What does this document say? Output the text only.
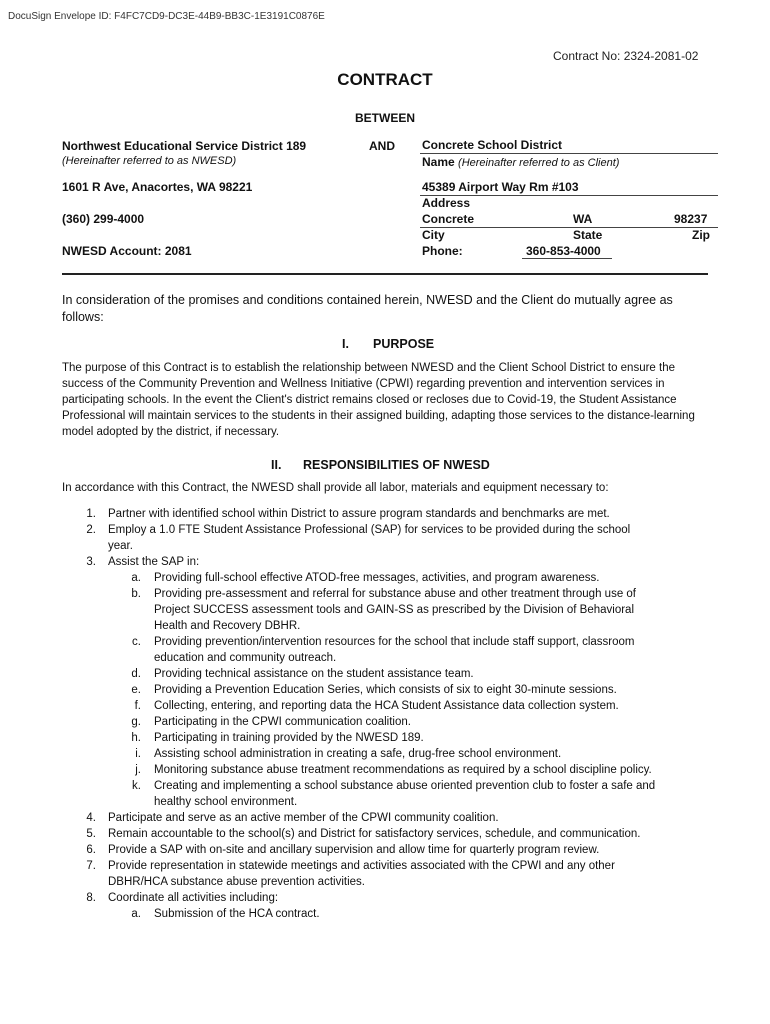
DocuSign Envelope ID: F4FC7CD9-DC3E-44B9-BB3C-1E3191C0876E
Contract No: 2324-2081-02
CONTRACT
BETWEEN
Northwest Educational Service District 189
(Hereinafter referred to as NWESD)
1601 R Ave, Anacortes, WA 98221
(360) 299-4000
NWESD Account: 2081
AND Concrete School District
Name (Hereinafter referred to as Client)
45389 Airport Way Rm #103
Address
Concrete	WA	98237
City	State	Zip
Phone:	360-853-4000
In consideration of the promises and conditions contained herein, NWESD and the Client do mutually agree as follows:
I. PURPOSE
The purpose of this Contract is to establish the relationship between NWESD and the Client School District to ensure the success of the Community Prevention and Wellness Initiative (CPWI) regarding prevention and intervention services in participating schools. In the event the Client's district remains closed or recloses due to Covid-19, the Student Assistance Professional will maintain services to the students in their assigned building, adapting those services to the distance-learning model adopted by the district, if necessary.
II. RESPONSIBILITIES OF NWESD
In accordance with this Contract, the NWESD shall provide all labor, materials and equipment necessary to:
1. Partner with identified school within District to assure program standards and benchmarks are met.
2. Employ a 1.0 FTE Student Assistance Professional (SAP) for services to be provided during the school
year.
3. Assist the SAP in:
a. Providing full-school effective ATOD-free messages, activities, and program awareness.
b. Providing pre-assessment and referral for substance abuse and other treatment through use of
Project SUCCESS assessment tools and GAIN-SS as prescribed by the Division of Behavioral
Health and Recovery DBHR.
c. Providing prevention/intervention resources for the school that include staff support, classroom
education and community outreach.
d. Providing technical assistance on the student assistance team.
e. Providing a Prevention Education Series, which consists of six to eight 30-minute sessions.
f. Collecting, entering, and reporting data the HCA Student Assistance data collection system.
g. Participating in the CPWI communication coalition.
h. Participating in training provided by the NWESD 189.
i. Assisting school administration in creating a safe, drug-free school environment.
j. Monitoring substance abuse treatment recommendations as required by a school discipline policy.
k. Creating and implementing a school substance abuse oriented prevention club to foster a safe and
healthy school environment.
4. Participate and serve as an active member of the CPWI community coalition.
5. Remain accountable to the school(s) and District for satisfactory services, schedule, and communication.
6. Provide a SAP with on-site and ancillary supervision and allow time for quarterly program review.
7. Provide representation in statewide meetings and activities associated with the CPWI and any other
DBHR/HCA substance abuse prevention activities.
8. Coordinate all activities including:
a. Submission of the HCA contract.
